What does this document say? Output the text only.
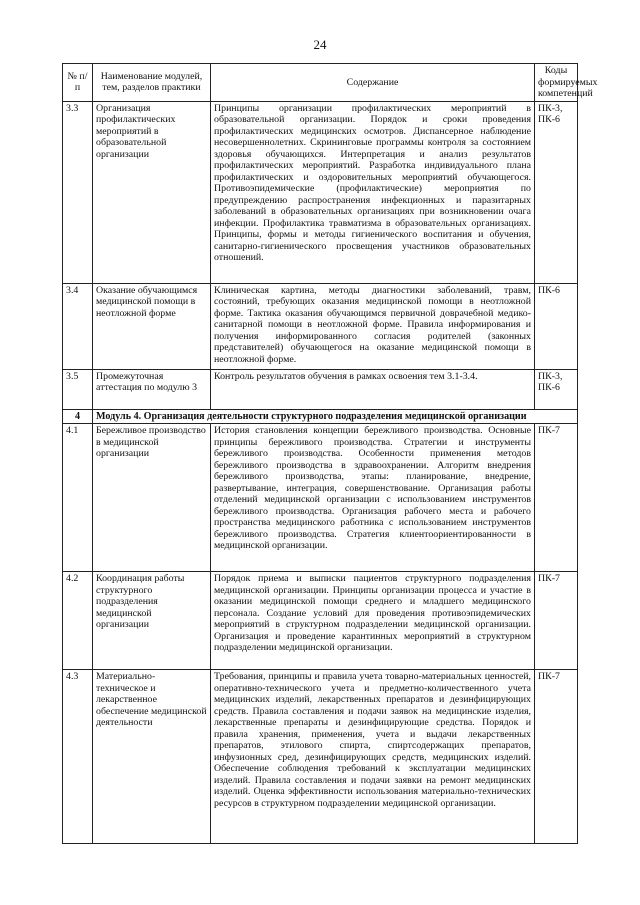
24
№ п/п	Наименование модулей, тем, разделов практики	Содержание	Коды формируемых компетенций
3.3	Организация профилактических мероприятий в образовательной организации	Принципы организации профилактических мероприятий в образовательной организации. Порядок и сроки проведения профилактических медицинских осмотров. Диспансерное наблюдение несовершеннолетних. Скрининговые программы контроля за состоянием здоровья обучающихся. Интерпретация и анализ результатов профилактических мероприятий. Разработка индивидуального плана профилактических и оздоровительных мероприятий обучающегося. Противоэпидемические (профилактические) мероприятия по предупреждению распространения инфекционных и паразитарных заболеваний в образовательных организациях при возникновении очага инфекции. Профилактика травматизма в образовательных организациях. Принципы, формы и методы гигиенического воспитания и обучения, санитарно-гигиенического просвещения участников образовательных отношений.	ПК-3, ПК-6
3.4	Оказание обучающимся медицинской помощи в неотложной форме	Клиническая картина, методы диагностики заболеваний, травм, состояний, требующих оказания медицинской помощи в неотложной форме. Тактика оказания обучающимся первичной доврачебной медико-санитарной помощи в неотложной форме. Правила информирования и получения информированного согласия родителей (законных представителей) обучающегося на оказание медицинской помощи в неотложной форме.	ПК-6
3.5	Промежуточная аттестация по модулю 3	Контроль результатов обучения в рамках освоения тем 3.1-3.4.	ПК-3, ПК-6
4	Модуль 4. Организация деятельности структурного подразделения медицинской организации		
4.1	Бережливое производство в медицинской организации	История становления концепции бережливого производства. Основные принципы бережливого производства. Стратегии и инструменты бережливого производства. Особенности применения методов бережливого производства в здравоохранении. Алгоритм внедрения бережливого производства, этапы: планирование, внедрение, развертывание, интеграция, совершенствование. Организация работы отделений медицинской организации с использованием инструментов бережливого производства. Организация рабочего места и рабочего пространства медицинского работника с использованием инструментов бережливого производства. Стратегия клиентоориентированности в медицинской организации.	ПК-7
4.2	Координация работы структурного подразделения медицинской организации	Порядок приема и выписки пациентов структурного подразделения медицинской организации. Принципы организации процесса и участие в оказании медицинской помощи среднего и младшего медицинского персонала. Создание условий для проведения противоэпидемических мероприятий в структурном подразделении медицинской организации. Организация и проведение карантинных мероприятий в структурном подразделении медицинской организации.	ПК-7
4.3	Материально-техническое и лекарственное обеспечение медицинской деятельности	Требования, принципы и правила учета товарно-материальных ценностей, оперативно-технического учета и предметно-количественного учета медицинских изделий, лекарственных препаратов и дезинфицирующих средств. Правила составления и подачи заявок на медицинские изделия, лекарственные препараты и дезинфицирующие средства. Порядок и правила хранения, применения, учета и выдачи лекарственных препаратов, этилового спирта, спиртсодержащих препаратов, инфузионных сред, дезинфицирующих средств, медицинских изделий. Обеспечение соблюдения требований к эксплуатации медицинских изделий. Правила составления и подачи заявки на ремонт медицинских изделий. Оценка эффективности использования материально-технических ресурсов в структурном подразделении медицинской организации.	ПК-7
